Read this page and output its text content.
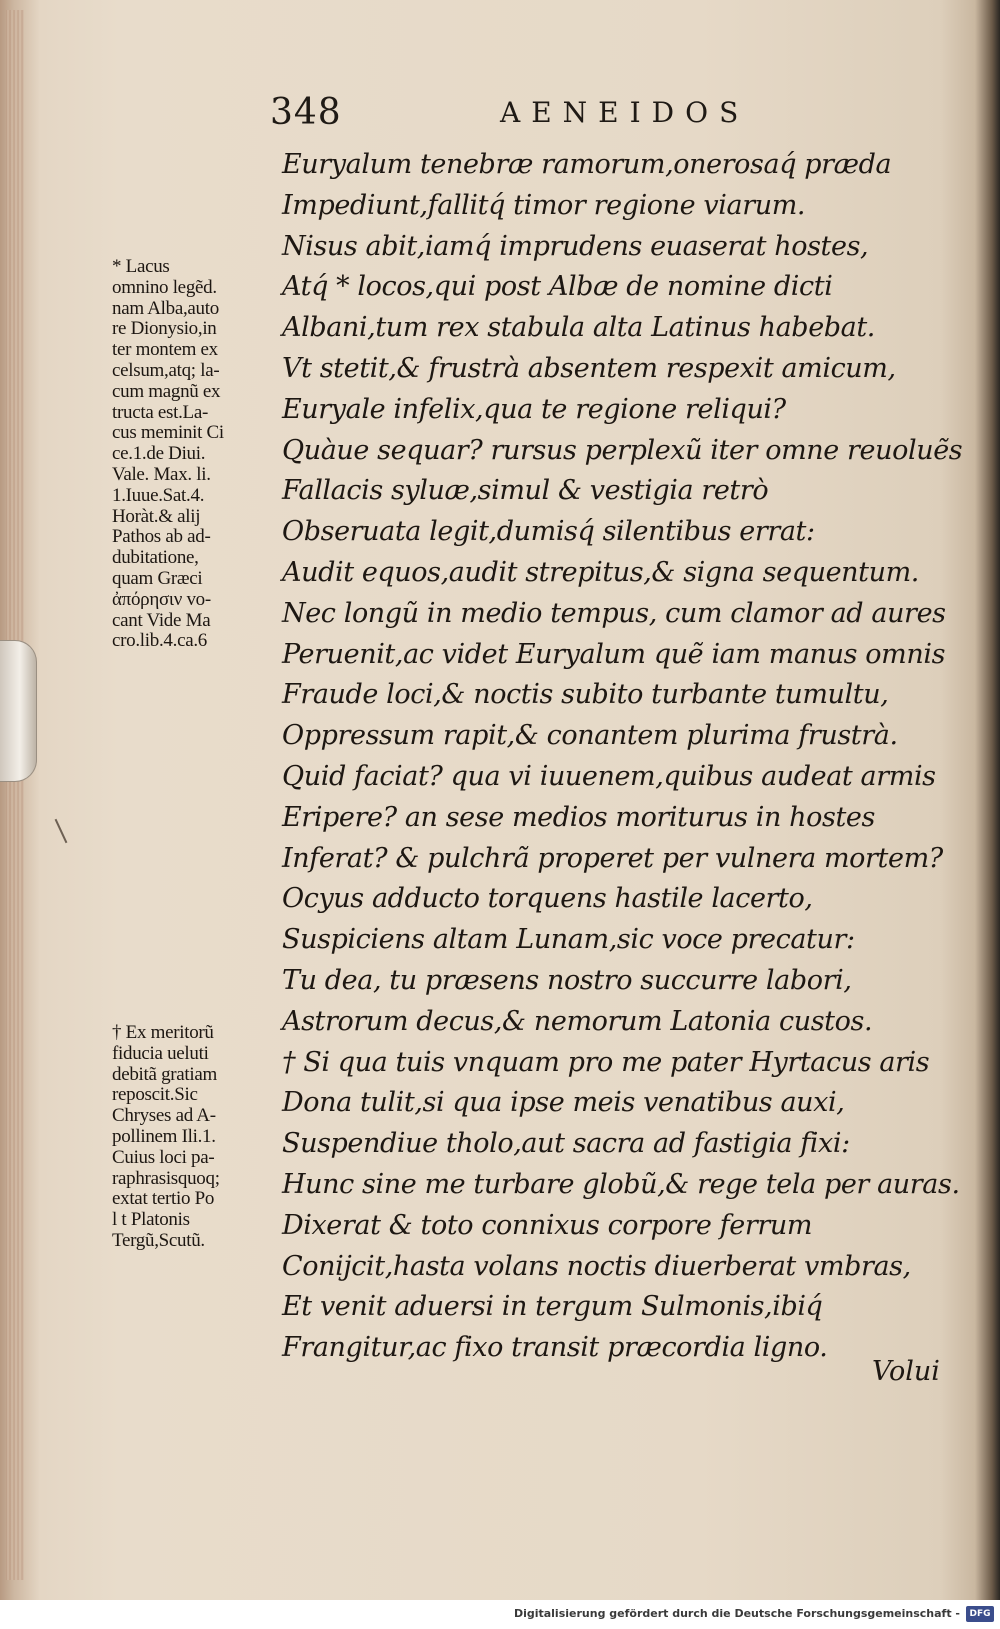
348	AENEIDOS
* Lacus
omnino legẽd.
nam Alba,auto
re Dionysio,in
ter montem ex
celsum,atq; la-
cum magnũ ex
tructa est.La-
cus meminit Ci
ce.1.de Diui.
Vale. Max. li.
1.Iuue.Sat.4.
Horàt.& alij
Pathos ab ad-
dubitatione,
quam Græci
ἀπόρησιν vo-
cant Vide Ma
cro.lib.4.ca.6
† Ex meritorũ
fiducia ueluti
debitã gratiam
reposcit.Sic
Chryses ad A-
pollinem Ili.1.
Cuius loci pa-
raphrasisquoq;
extat tertio Po
l t Platonis
Tergũ,Scutũ.
Euryalum tenebræ ramorum,onerosaq́ præda
Impediunt,fallitq́ timor regione viarum.
Nisus abit,iamq́ imprudens euaserat hostes,
Atq́ * locos,qui post Albæ de nomine dicti
Albani,tum rex stabula alta Latinus habebat.
Vt stetit,& frustrà absentem respexit amicum,
Euryale infelix,qua te regione reliqui?
Quàue sequar? rursus perplexũ iter omne reuoluẽs
Fallacis syluæ,simul & vestigia retrò
Obseruata legit,dumisq́ silentibus errat:
Audit equos,audit strepitus,& signa sequentum.
Nec longũ in medio tempus, cum clamor ad aures
Peruenit,ac videt Euryalum quẽ iam manus omnis
Fraude loci,& noctis subito turbante tumultu,
Oppressum rapit,& conantem plurima frustrà.
Quid faciat? qua vi iuuenem,quibus audeat armis
Eripere? an sese medios moriturus in hostes
Inferat? & pulchrã properet per vulnera mortem?
Ocyus adducto torquens hastile lacerto,
Suspiciens altam Lunam,sic voce precatur:
Tu dea, tu præsens nostro succurre labori,
Astrorum decus,& nemorum Latonia custos.
† Si qua tuis vnquam pro me pater Hyrtacus aris
Dona tulit,si qua ipse meis venatibus auxi,
Suspendiue tholo,aut sacra ad fastigia fixi:
Hunc sine me turbare globũ,& rege tela per auras.
Dixerat & toto connixus corpore ferrum
Conijcit,hasta volans noctis diuerberat vmbras,
Et venit aduersi in tergum Sulmonis,ibiq́
Frangitur,ac fixo transit præcordia ligno.
Volui
Digitalisierung gefördert durch die Deutsche Forschungsgemeinschaft -	DFG
